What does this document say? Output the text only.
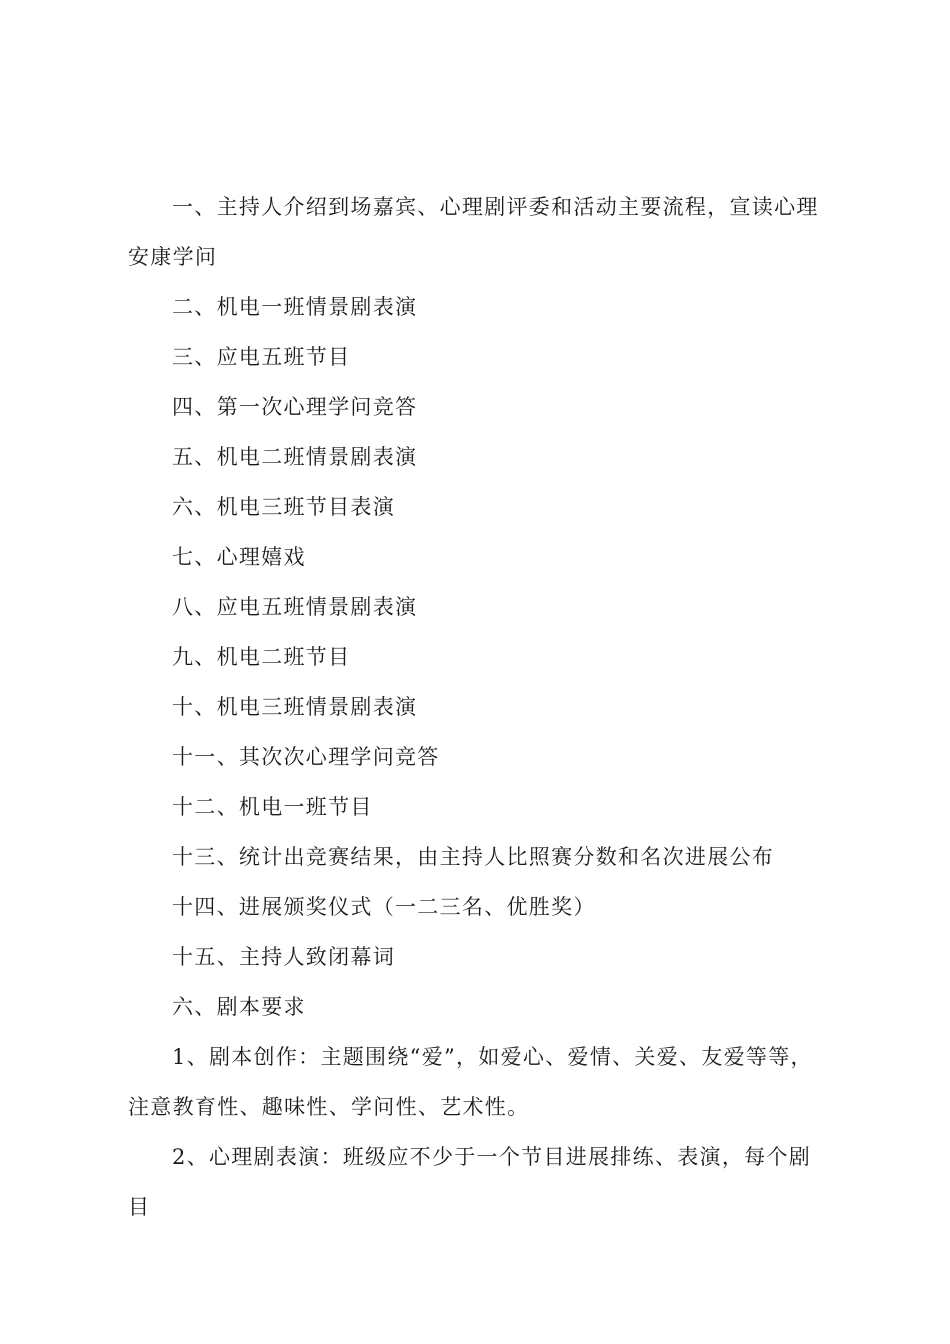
一、主持人介绍到场嘉宾、心理剧评委和活动主要流程，宣读心理安康学问

二、机电一班情景剧表演

三、应电五班节目

四、第一次心理学问竞答

五、机电二班情景剧表演

六、机电三班节目表演

七、心理嬉戏

八、应电五班情景剧表演

九、机电二班节目

十、机电三班情景剧表演

十一、其次次心理学问竞答

十二、机电一班节目

十三、统计出竞赛结果，由主持人比照赛分数和名次进展公布

十四、进展颁奖仪式（一二三名、优胜奖）

十五、主持人致闭幕词

六、剧本要求

1、剧本创作：主题围绕“爱”，如爱心、爱情、关爱、友爱等等，注意教育性、趣味性、学问性、艺术性。

2、心理剧表演：班级应不少于一个节目进展排练、表演，每个剧目
